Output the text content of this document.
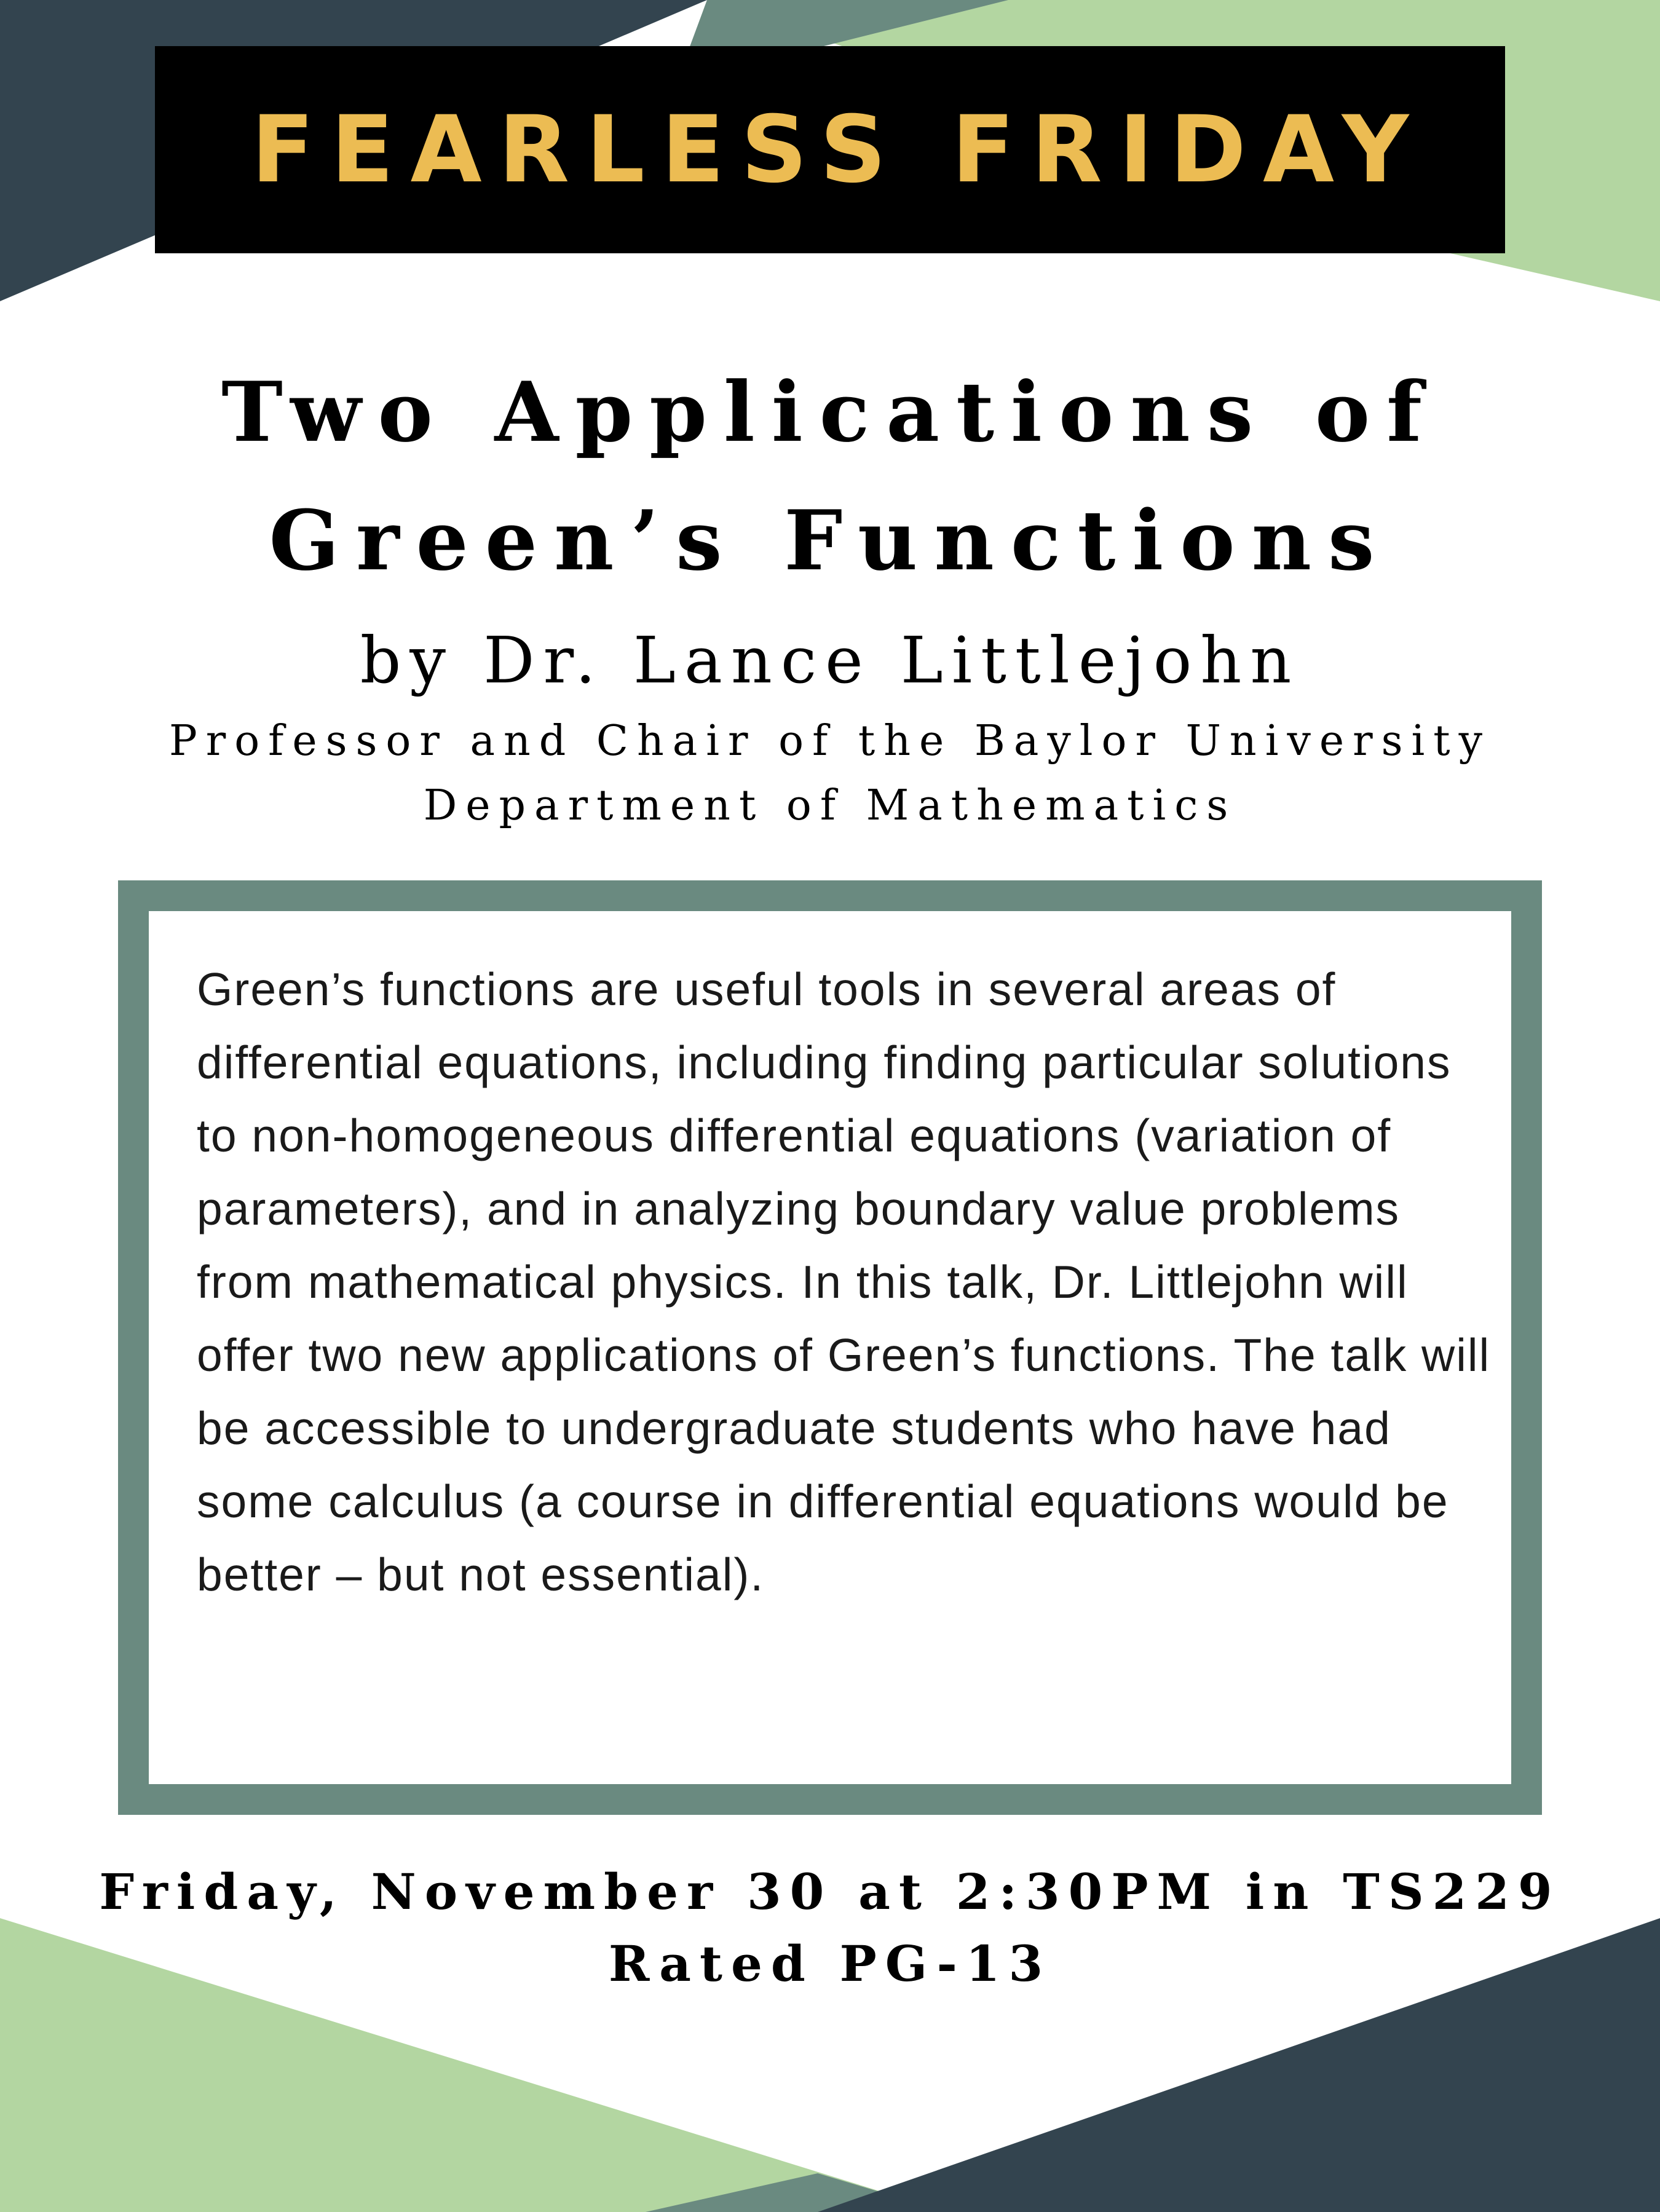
FEARLESS FRIDAY
Two Applications of
Green’s Functions
by Dr. Lance Littlejohn
Professor and Chair of the Baylor University
Department of Mathematics
Green’s functions are useful tools in several areas of differential equations, including finding particular solutions to non-homogeneous differential equations (variation of parameters), and in analyzing boundary value problems from mathematical physics. In this talk, Dr. Littlejohn will offer two new applications of Green’s functions. The talk will be accessible to undergraduate students who have had some calculus (a course in differential equations would be better – but not essential).
Friday, November 30 at 2:30PM in TS229
Rated PG-13
